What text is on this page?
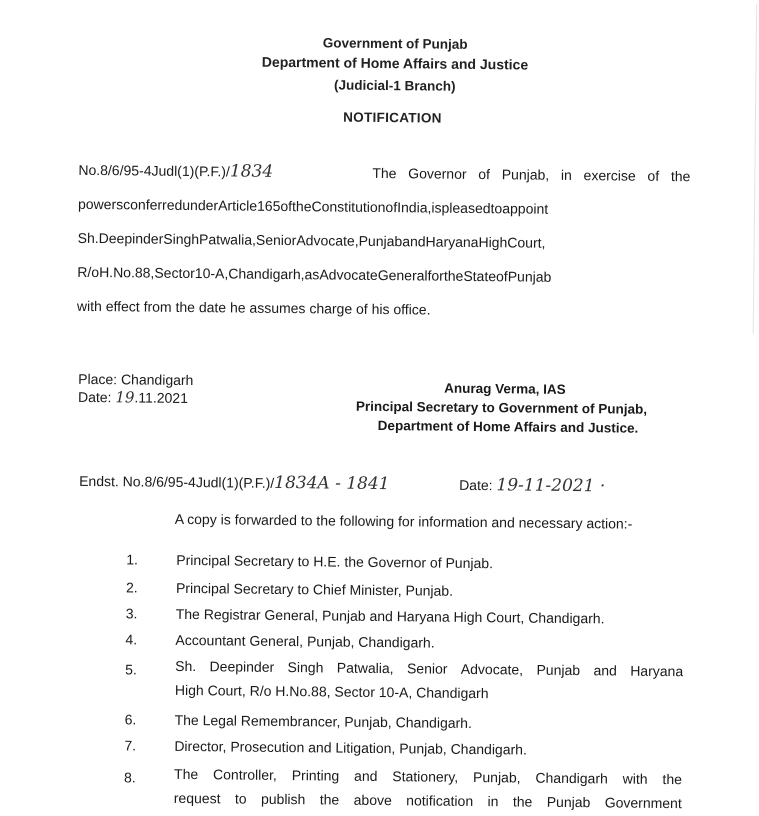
Government of Punjab
Department of Home Affairs and Justice
(Judicial-1 Branch)
NOTIFICATION
No.8/6/95-4Judl(1)(P.F.)/1834	The Governor of Punjab, in exercise of the
powersconferredunderArticle165oftheConstitutionofIndia,ispleasedtoappoint
Sh.DeepinderSinghPatwalia,SeniorAdvocate,PunjabandHaryanaHighCourt,
R/oH.No.88,Sector10-A,Chandigarh,asAdvocateGeneralfortheStateofPunjab
with effect from the date he assumes charge of his office.
Place: Chandigarh
Date: 19.11.2021
Anurag Verma, IAS
Principal Secretary to Government of Punjab,
Department of Home Affairs and Justice.
Endst. No.8/6/95-4Judl(1)(P.F.)/1834A - 1841	Date: 19-11-2021 ·
A copy is forwarded to the following for information and necessary action:-
1.	Principal Secretary to H.E. the Governor of Punjab.
2.	Principal Secretary to Chief Minister, Punjab.
3.	The Registrar General, Punjab and Haryana High Court, Chandigarh.
4.	Accountant General, Punjab, Chandigarh.
5.	Sh. Deepinder Singh Patwalia, Senior Advocate, Punjab and Haryana
High Court, R/o H.No.88, Sector 10-A, Chandigarh
6.	The Legal Remembrancer, Punjab, Chandigarh.
7.	Director, Prosecution and Litigation, Punjab, Chandigarh.
8.	The Controller, Printing and Stationery, Punjab, Chandigarh with the
request to publish the above notification in the Punjab Government
